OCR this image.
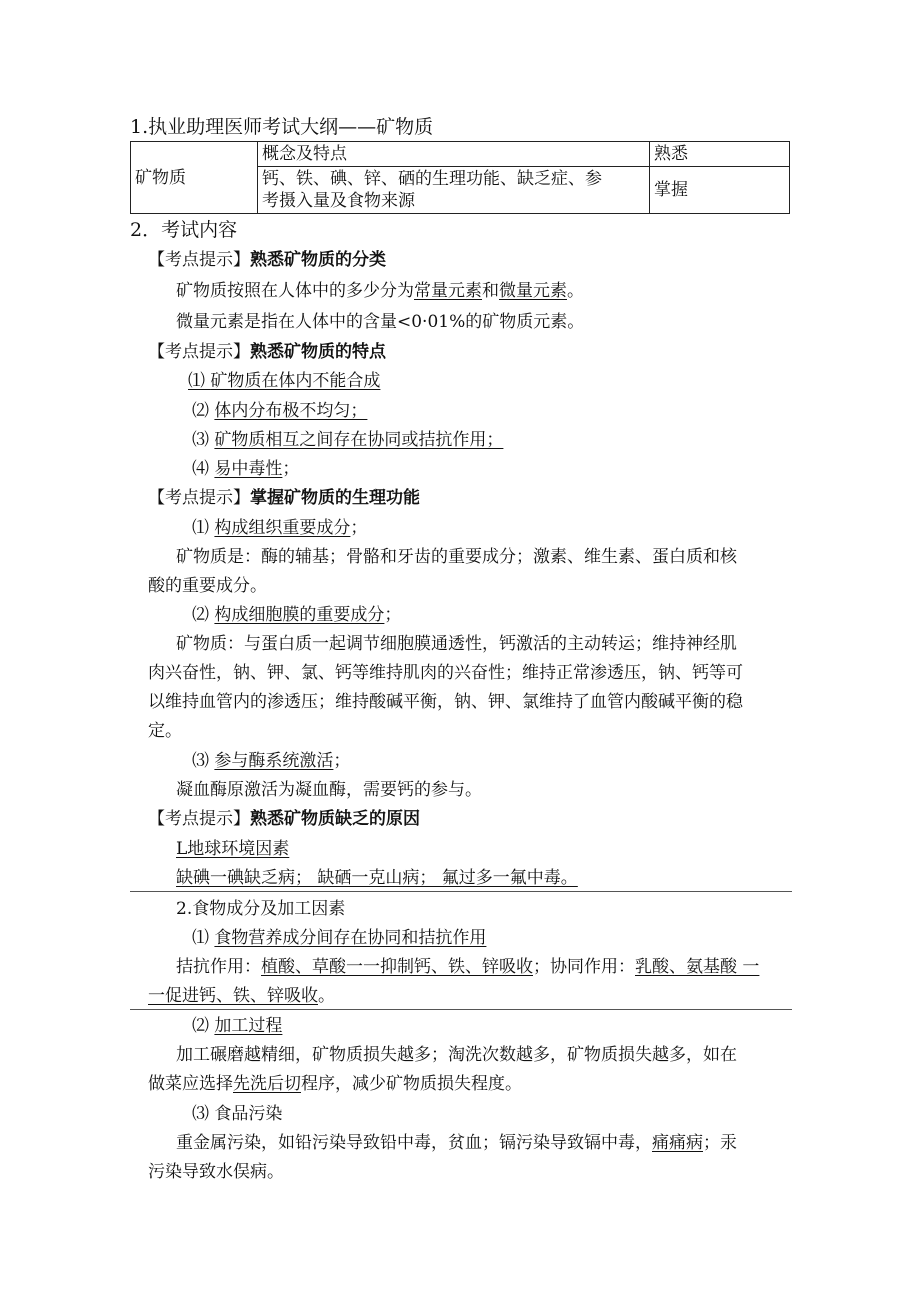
1.执业助理医师考试大纲——矿物质
矿物质	概念及特点	熟悉

	钙、铁、碘、锌、硒的生理功能、缺乏症、参
考摄入量及食物来源	掌握
2．考试内容
【考点提示】熟悉矿物质的分类
矿物质按照在人体中的多少分为常量元素和微量元素。
微量元素是指在人体中的含量<0·01%的矿物质元素。
【考点提示】熟悉矿物质的特点
⑴ 矿物质在体内不能合成
⑵ 体内分布极不均匀；
⑶ 矿物质相互之间存在协同或拮抗作用；
⑷ 易中毒性；
【考点提示】掌握矿物质的生理功能
⑴ 构成组织重要成分；
矿物质是：酶的辅基；骨骼和牙齿的重要成分；激素、维生素、蛋白质和核
酸的重要成分。
⑵ 构成细胞膜的重要成分；
矿物质：与蛋白质一起调节细胞膜通透性，钙激活的主动转运；维持神经肌
肉兴奋性，钠、钾、氯、钙等维持肌肉的兴奋性；维持正常渗透压，钠、钙等可
以维持血管内的渗透压；维持酸碱平衡，钠、钾、氯维持了血管内酸碱平衡的稳
定。
⑶ 参与酶系统激活；
凝血酶原激活为凝血酶，需要钙的参与。
【考点提示】熟悉矿物质缺乏的原因
L地球环境因素
缺碘一碘缺乏病； 缺硒一克山病； 氟过多一氟中毒。
2.食物成分及加工因素
⑴ 食物营养成分间存在协同和拮抗作用
拮抗作用：植酸、草酸一一抑制钙、铁、锌吸收；协同作用：乳酸、氨基酸 一
一促进钙、铁、锌吸收。
⑵ 加工过程
加工碾磨越精细，矿物质损失越多；淘洗次数越多，矿物质损失越多，如在
做菜应选择先洗后切程序，减少矿物质损失程度。
⑶ 食品污染
重金属污染，如铅污染导致铅中毒，贫血；镉污染导致镉中毒，痛痛病；汞
污染导致水俣病。
